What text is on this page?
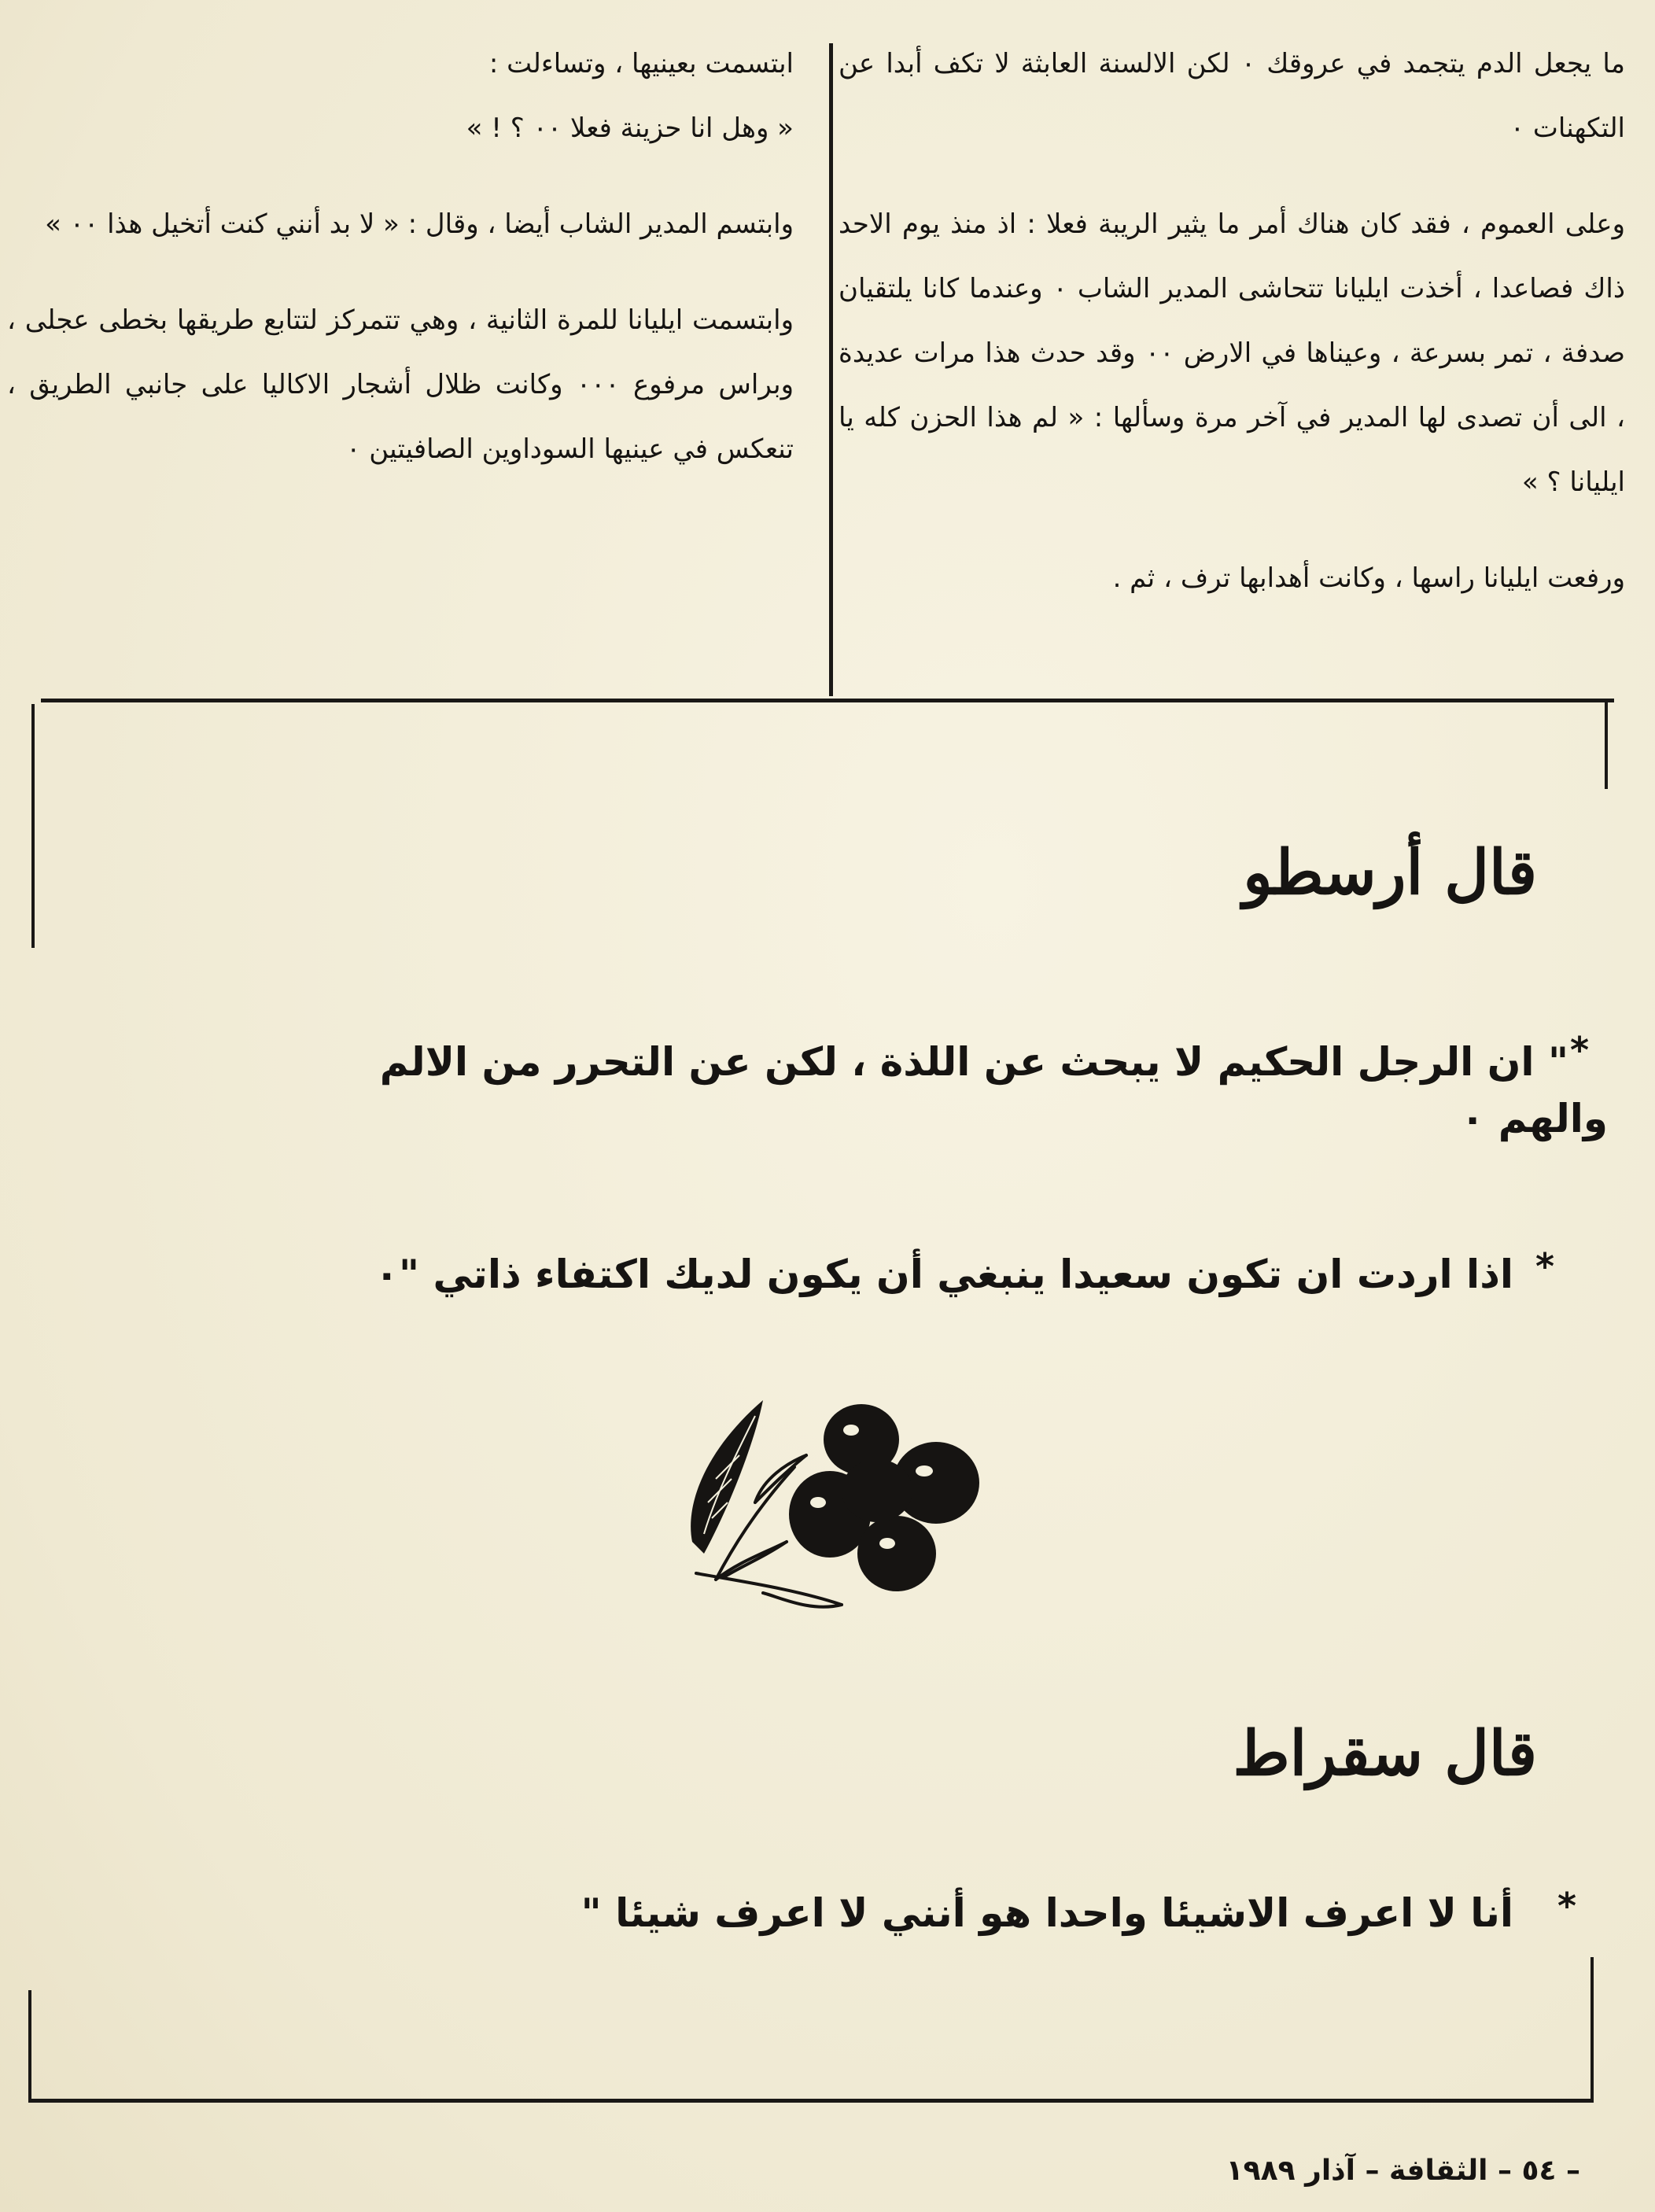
ما يجعل الدم يتجمد في عروقك ٠ لكن الالسنة العابثة لا تكف أبدا عن التكهنات ٠

وعلى العموم ، فقد كان هناك أمر ما يثير الريبة فعلا : اذ منذ يوم الاحد ذاك فصاعدا ، أخذت ايليانا تتحاشى المدير الشاب ٠ وعندما كانا يلتقيان صدفة ، تمر بسرعة ، وعيناها في الارض ٠٠ وقد حدث هذا مرات عديدة ، الى أن تصدى لها المدير في آخر مرة وسألها : « لم هذا الحزن كله يا ايليانا ؟ »

ورفعت ايليانا راسها ، وكانت أهدابها ترف ، ثم .

ابتسمت بعينيها ، وتساءلت :

« وهل انا حزينة فعلا ٠٠ ؟ ! »

وابتسم المدير الشاب أيضا ، وقال : « لا بد أنني كنت أتخيل هذا ٠٠ »

وابتسمت ايليانا للمرة الثانية ، وهي تتمركز لتتابع طريقها بخطى عجلى ، وبراس مرفوع ٠٠٠ وكانت ظلال أشجار الاكاليا على جانبي الطريق ، تنعكس في عينيها السوداوين الصافيتين ٠

قال أرسطو
*
" ان الرجل الحكيم لا يبحث عن اللذة ، لكن عن التحرر من الالم
والهم ٠
*
اذا اردت ان تكون سعيدا ينبغي أن يكون لديك اكتفاء ذاتي "٠
قال سقراط
*
أنا لا اعرف الاشيئا واحدا هو أنني لا اعرف شيئا "
– ٥٤ – الثقافة – آذار ١٩٨٩
